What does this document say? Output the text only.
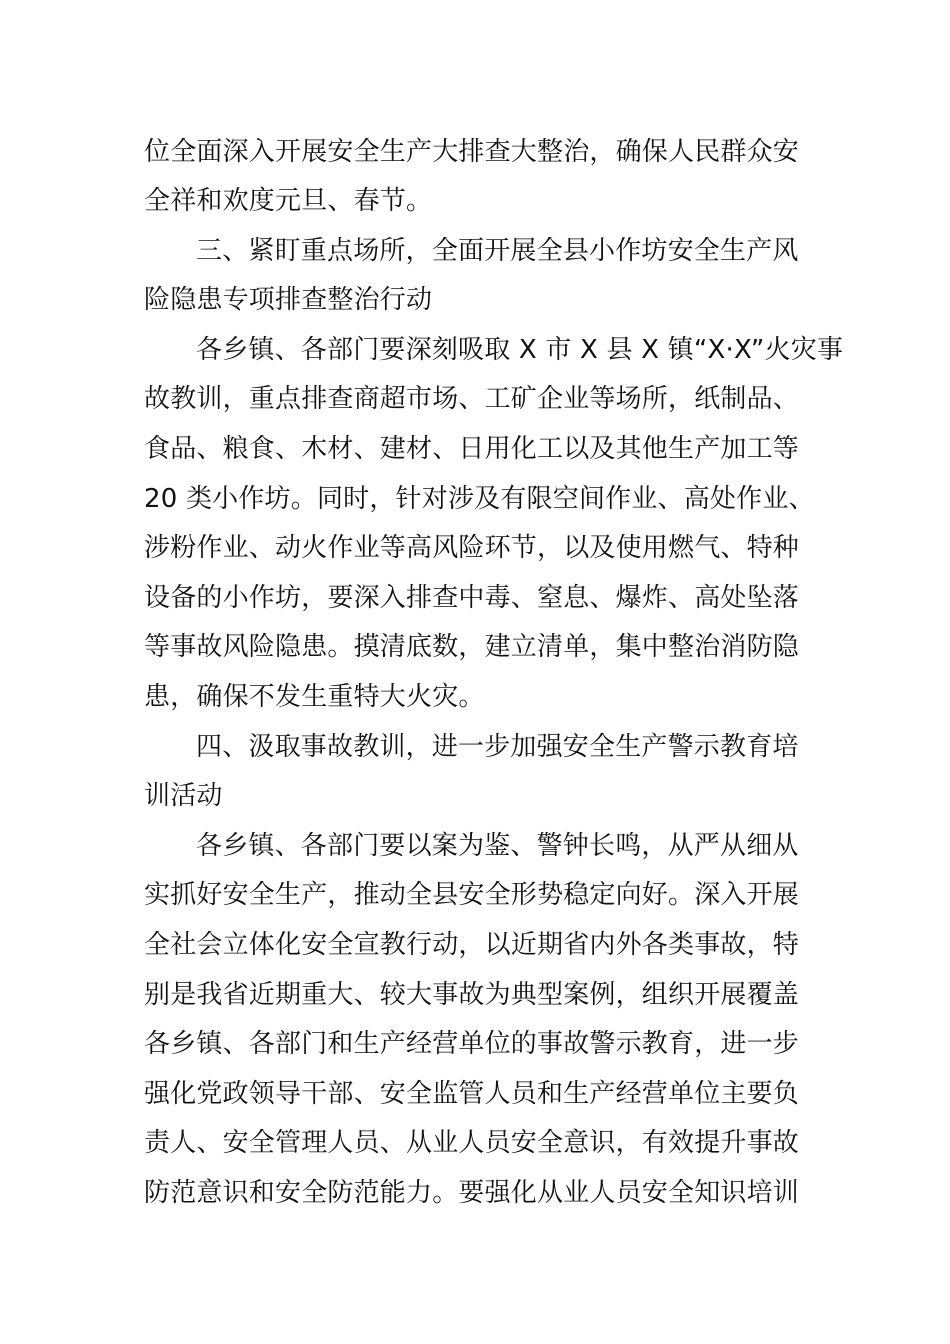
位全面深入开展安全生产大排查大整治，确保人民群众安
全祥和欢度元旦、春节。
三、紧盯重点场所，全面开展全县小作坊安全生产风
险隐患专项排查整治行动
各乡镇、各部门要深刻吸取 X 市 X 县 X 镇“X·X”火灾事
故教训，重点排查商超市场、工矿企业等场所，纸制品、
食品、粮食、木材、建材、日用化工以及其他生产加工等
20 类小作坊。同时，针对涉及有限空间作业、高处作业、
涉粉作业、动火作业等高风险环节，以及使用燃气、特种
设备的小作坊，要深入排查中毒、窒息、爆炸、高处坠落
等事故风险隐患。摸清底数，建立清单，集中整治消防隐
患，确保不发生重特大火灾。
四、汲取事故教训，进一步加强安全生产警示教育培
训活动
各乡镇、各部门要以案为鉴、警钟长鸣，从严从细从
实抓好安全生产，推动全县安全形势稳定向好。深入开展
全社会立体化安全宣教行动，以近期省内外各类事故，特
别是我省近期重大、较大事故为典型案例，组织开展覆盖
各乡镇、各部门和生产经营单位的事故警示教育，进一步
强化党政领导干部、安全监管人员和生产经营单位主要负
责人、安全管理人员、从业人员安全意识，有效提升事故
防范意识和安全防范能力。要强化从业人员安全知识培训
